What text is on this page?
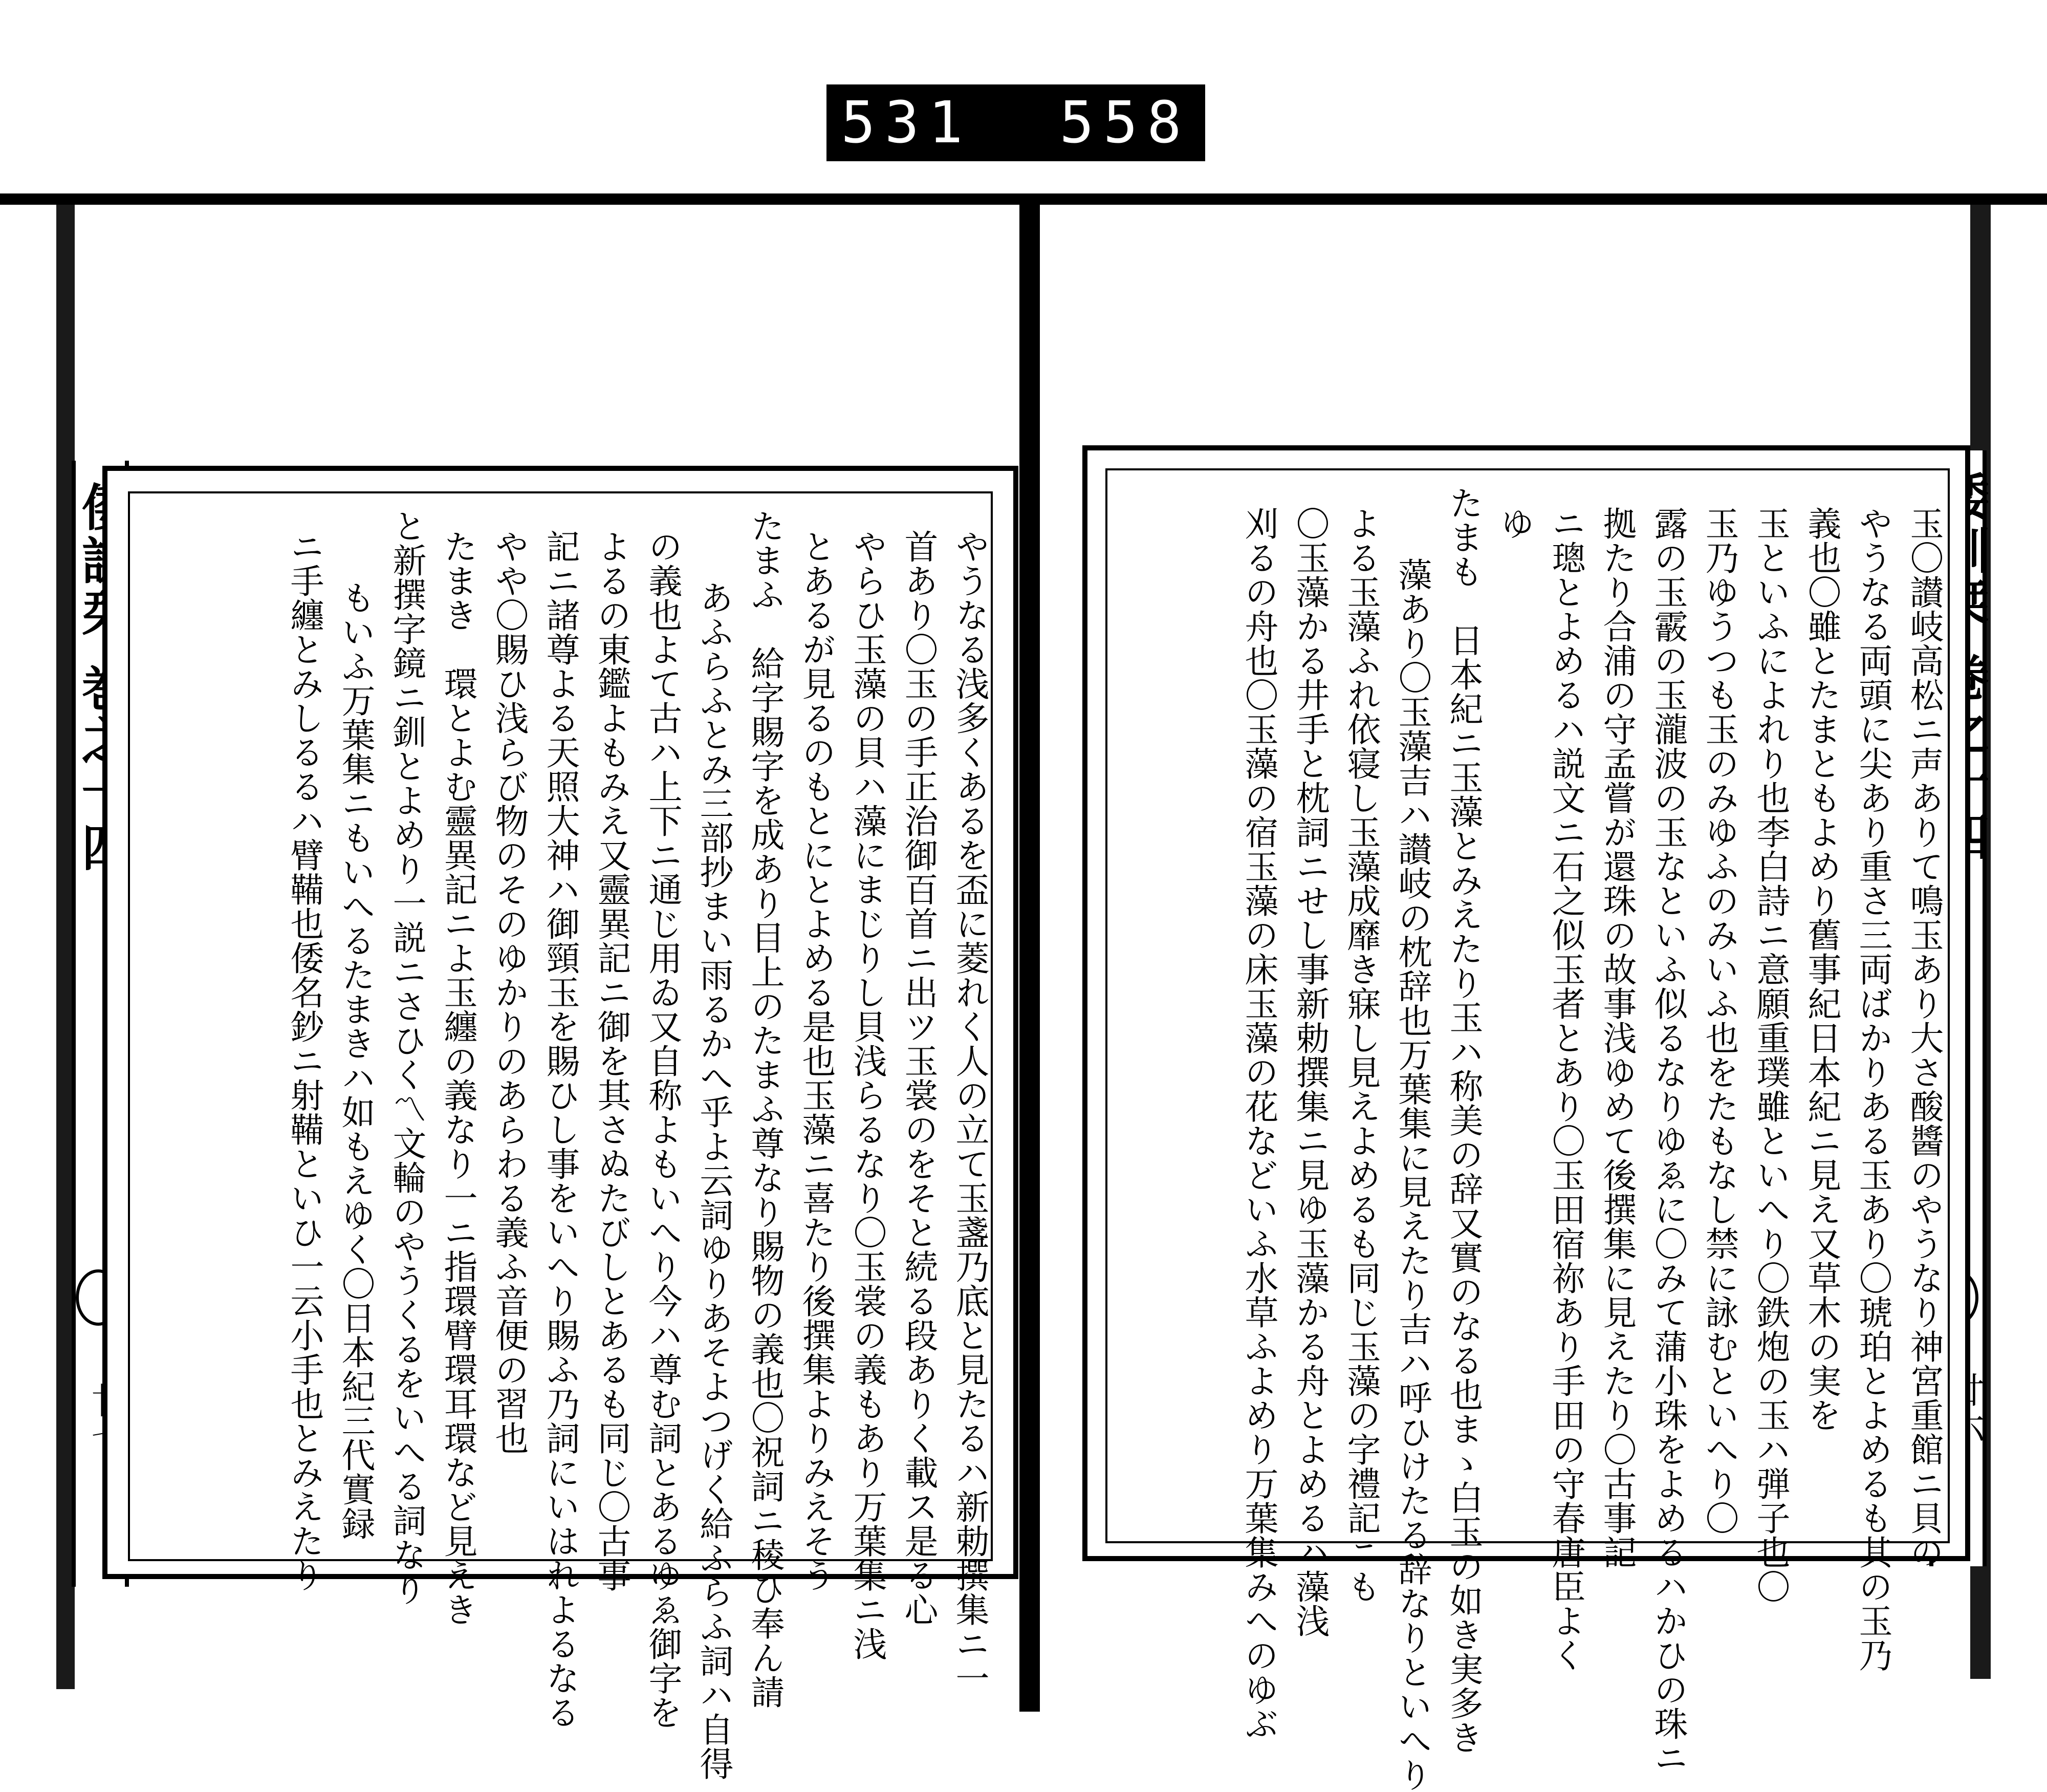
531  558
やうなる浅多くあるを盃に菱れく人の立て玉盞乃底と見たるハ新勅撰集ニ一
首あり〇玉の手正治御百首ニ出ツ玉裳のをそと続る段ありく載ス是る心
やらひ玉藻の貝ハ藻にまじりし貝浅らるなり〇玉裳の義もあり万葉集ニ浅
とあるが見るのもとにとよめる是也玉藻ニ喜たり後撰集よりみえそう
たまふ　給字賜字を成あり目上のたまふ尊なり賜物の義也〇祝詞ニ稜ひ奉ん請
あふらふとみ三部抄まい雨るかへ乎よ云詞ゆりあそよつげく給ふらふ詞ハ自得
の義也よて古ハ上下ニ通じ用ゐ又自称よもいへり今ハ尊む詞とあるゆゑ御字を
よるの東鑑よもみえ又靈異記ニ御を其さぬたびしとあるも同じ〇古事
記ニ諸尊よる天照大神ハ御頸玉を賜ひし事をいへり賜ふ乃詞にいはれよるなる
やや〇賜ひ浅らび物のそのゆかりのあらわる義ふ音便の習也
たまき　環とよむ靈異記ニよ玉纏の義なり一ニ指環臂環耳環など見えき
と新撰字鏡ニ釧とよめり一説ニさひく〽文輪のやうくるをいへる詞なり
もいふ万葉集ニもいへるたまきハ如もえゆく〇日本紀三代實録
ニ手纏とみしるるハ臂鞴也倭名鈔ニ射鞴といひ一云小手也とみえたり	玉〇讃岐高松ニ声ありて鳴玉あり大さ酸醬のやうなり神宮重館ニ貝の
やうなる両頭に尖あり重さ三両ばかりある玉あり〇琥珀とよめるも其の玉乃
義也〇雖とたまともよめり舊事紀日本紀ニ見え又草木の実を
玉といふによれり也李白詩ニ意願重璞雖といへり〇鉄炮の玉ハ弾子也〇
玉乃ゆうつも玉のみゆふのみいふ也をたもなし禁に詠むといへり〇
露の玉霰の玉瀧波の玉なといふ似るなりゆゑに〇みて蒲小珠をよめるハかひの珠ニ
拠たり合浦の守孟嘗が還珠の故事浅ゆめて後撰集に見えたり〇古事記
ニ璁とよめるハ説文ニ石之似玉者とあり〇玉田宿祢あり手田の守春唐臣よく
ゆ
たまも　日本紀ニ玉藻とみえたり玉ハ称美の辞又實のなる也まゝ白玉の如き実多き
藻あり〇玉藻吉ハ讃岐の枕辞也万葉集に見えたり吉ハ呼ひけたる辞なりといへり
よる玉藻ふれ依寝し玉藻成靡き寐し見えよめるも同じ玉藻の字禮記ニも
〇玉藻かる井手と枕詞ニせし事新勅撰集ニ見ゆ玉藻かる舟とよめるハ藻浅
刈るの舟也〇玉藻の宿玉藻の床玉藻の花などいふ水草ふよめり万葉集みへのゆぶ
